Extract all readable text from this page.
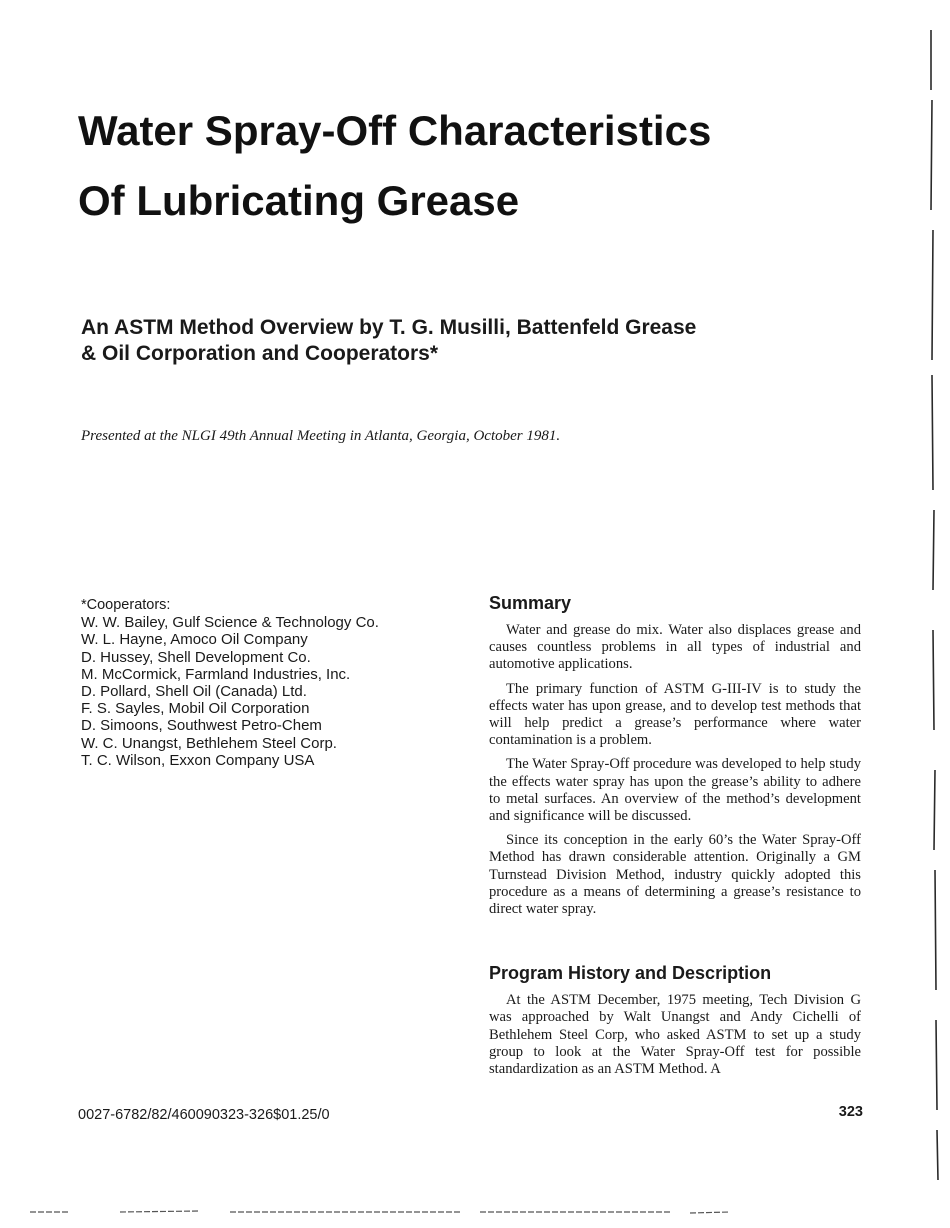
Water Spray-Off Characteristics
Of Lubricating Grease
An ASTM Method Overview by T. G. Musilli, Battenfeld Grease
& Oil Corporation and Cooperators*

Presented at the NLGI 49th Annual Meeting in Atlanta, Georgia, October 1981.

*Cooperators:
W. W. Bailey, Gulf Science & Technology Co.
W. L. Hayne, Amoco Oil Company
D. Hussey, Shell Development Co.
M. McCormick, Farmland Industries, Inc.
D. Pollard, Shell Oil (Canada) Ltd.
F. S. Sayles, Mobil Oil Corporation
D. Simoons, Southwest Petro-Chem
W. C. Unangst, Bethlehem Steel Corp.
T. C. Wilson, Exxon Company USA
Summary

Water and grease do mix. Water also displaces grease and causes countless problems in all types of industrial and automotive applications.

The primary function of ASTM G-III-IV is to study the effects water has upon grease, and to develop test methods that will help predict a grease’s performance where water contamination is a problem.

The Water Spray-Off procedure was developed to help study the effects water spray has upon the grease’s ability to adhere to metal surfaces. An overview of the method’s development and significance will be discussed.

Since its conception in the early 60’s the Water Spray-Off Method has drawn considerable attention. Originally a GM Turnstead Division Method, industry quickly adopted this procedure as a means of determining a grease’s resistance to direct water spray.

Program History and Description

At the ASTM December, 1975 meeting, Tech Division G was approached by Walt Unangst and Andy Cichelli of Bethlehem Steel Corp, who asked ASTM to set up a study group to look at the Water Spray-Off test for possible standardization as an ASTM Method. A

0027-6782/82/460090323-326$01.25/0	323
